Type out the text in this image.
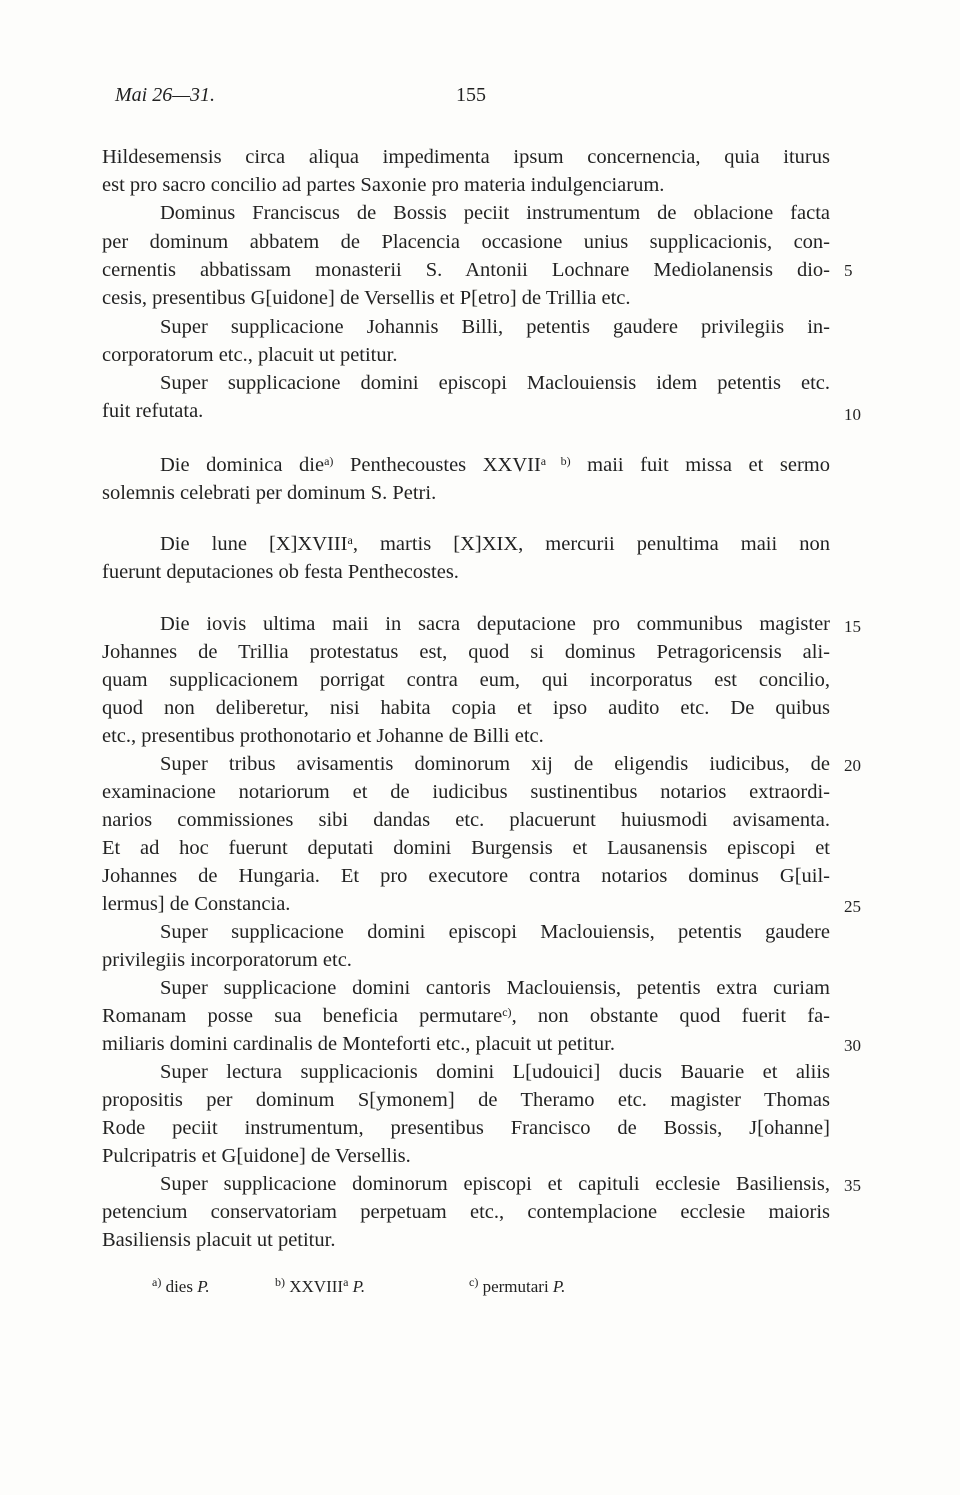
Mai 26—31.	155
Hildesemensis circa aliqua impedimenta ipsum concernencia, quia iturus
est pro sacro concilio ad partes Saxonie pro materia indulgenciarum.
Dominus Franciscus de Bossis peciit instrumentum de oblacione facta
per dominum abbatem de Placencia occasione unius supplicacionis, con-
cernentis abbatissam monasterii S. Antonii Lochnare Mediolanensis dio-
cesis, presentibus G[uidone] de Versellis et P[etro] de Trillia etc.
Super supplicacione Johannis Billi, petentis gaudere privilegiis in-
corporatorum etc., placuit ut petitur.
Super supplicacione domini episcopi Maclouiensis idem petentis etc.
fuit refutata.
Die dominica die$^{a)}$ Penthecoustes $XXVII^{a b)}$ maii fuit missa et sermo
solemnis celebrati per dominum S. Petri.
Die lune [X]XVIII$^a$, martis [X]XIX, mercurii penultima maii non
fuerunt deputaciones ob festa Penthecostes.
Die iovis ultima maii in sacra deputacione pro communibus magister
Johannes de Trillia protestatus est, quod si dominus Petragoricensis ali-
quam supplicacionem porrigat contra eum, qui incorporatus est concilio,
quod non deliberetur, nisi habita copia et ipso audito etc. De quibus
etc., presentibus prothonotario et Johanne de Billi etc.
Super tribus avisamentis dominorum xij de eligendis iudicibus, de
examinacione notariorum et de iudicibus sustinentibus notarios extraordi-
narios commissiones sibi dandas etc. placuerunt huiusmodi avisamenta.
Et ad hoc fuerunt deputati domini Burgensis et Lausanensis episcopi et
Johannes de Hungaria. Et pro executore contra notarios dominus G[uil-
lermus] de Constancia.
Super supplicacione domini episcopi Maclouiensis, petentis gaudere
privilegiis incorporatorum etc.
Super supplicacione domini cantoris Maclouiensis, petentis extra curiam
Romanam posse sua beneficia permutare$^{c)}$, non obstante quod fuerit fa-
miliaris domini cardinalis de Monteforti etc., placuit ut petitur.
Super lectura supplicacionis domini L[udouici] ducis Bauarie et aliis
propositis per dominum S[ymonem] de Theramo etc. magister Thomas
Rode peciit instrumentum, presentibus Francisco de Bossis, J[ohanne]
Pulcripatris et G[uidone] de Versellis.
Super supplicacione dominorum episcopi et capituli ecclesie Basiliensis,
petencium conservatoriam perpetuam etc., contemplacione ecclesie maioris
Basiliensis placuit ut petitur.
5
10
15
20
25
30
35
$^{a)}$ dies P.	$^{b)}$ XXVIII$^a$ P.	$^{c)}$ permutari P.
